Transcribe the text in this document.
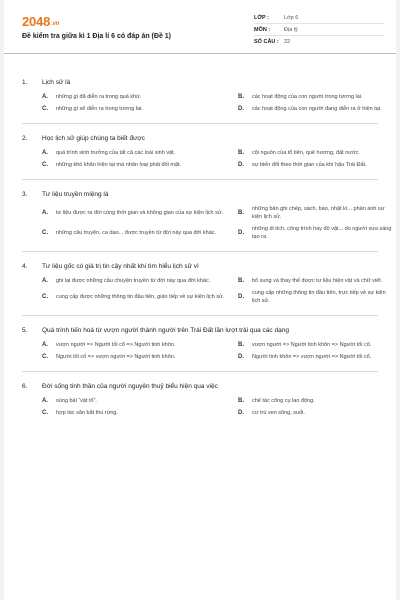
2048.vn
Đề kiểm tra giữa kì 1 Địa lí 6 có đáp án (Đề 1)
LỚP :	Lớp 6
MÔN :	Địa lý
SỐ CÂU : 22
1.	Lịch sử là
A.	những gì đã diễn ra trong quá khứ.	B.	các hoạt động của con người trong tương lai.
C.	những gì sẽ diễn ra trong tương lai.	D.	các hoạt động của con người đang diễn ra ở hiện tại.
2.	Học lịch sử giúp chúng ta biết được
A.	quá trình sinh trưởng của tất cả các loài sinh vật.	B.	cội nguồn của tổ tiên, quê hương, đất nước.
C.	những khó khăn hiện tại mà nhân loại phải đối mặt.	D.	sự biến đổi theo thời gian của khí hậu Trái Đất.
3.	Tư liệu truyền miệng là
A.	tư liệu được ra đời cùng thời gian và không gian của sự kiện lịch sử.	B.
những bản ghi chép, sách, báo, nhật kí... phản ánh sự kiện lịch sử.
C.	những câu truyện, ca dao... được truyền từ đời này qua đời khác.	D.
những di tích, công trình hay đồ vật... do người xưa sáng tạo ra.
4.	Tư liệu gốc có giá trị tin cậy nhất khi tìm hiểu lịch sử vì
A.	ghi lại được những câu chuyện truyền từ đời này qua đời khác.	B.	bổ sung và thay thế được tư liệu hiện vật và chữ viết.
C.	cung cấp được những thông tin đầu tiên, gián tiếp về sự kiện lịch sử.	D.
cung cấp những thông tin đầu tiên, trực tiếp về sự kiện lịch sử.
5.	Quá trình tiến hoá từ vượn người thành người trên Trái Đất lần lượt trải qua các dạng
A.	vượn người => Người tối cổ => Người tinh khôn.	B.	vượn người => Người tinh khôn => Người tối cổ.
C.	Người tối cổ => vượn người => Người tinh khôn.	D.	Người tinh khôn => vượn người => Người tối cổ.
6.	Đời sống tinh thần của người nguyên thuỷ biểu hiện qua việc
A.	sùng bái “vật tổ”.	B.	chế tác công cụ lao động.
C.	hợp tác săn bắt thú rừng.	D.	cư trú ven sông, suối.
